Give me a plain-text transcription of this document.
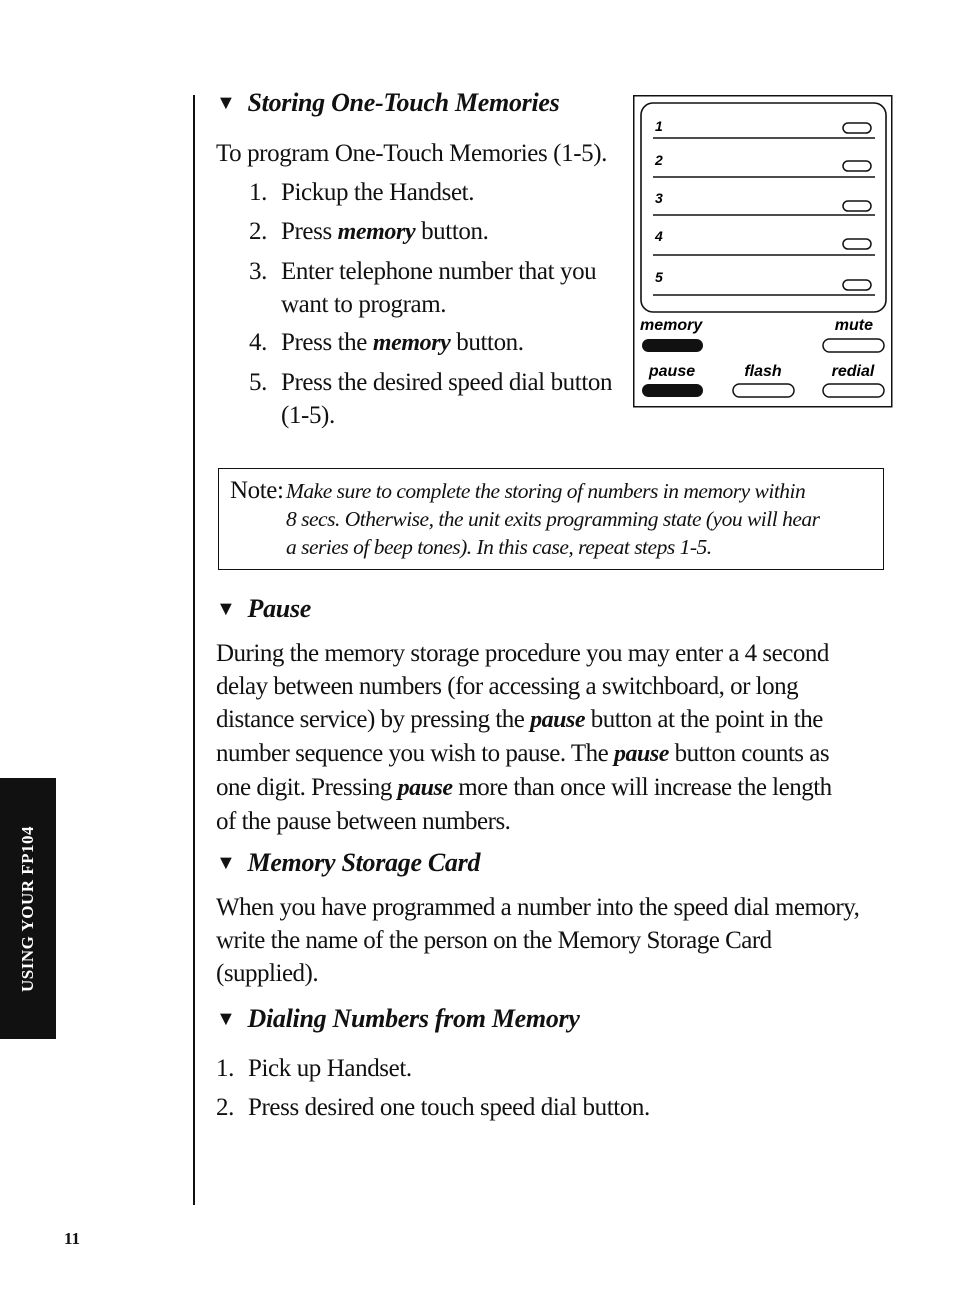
USING YOUR FP104
11
▼ Storing One-Touch Memories
To program One-Touch Memories (1-5).
1. Pickup the Handset.
2. Press memory button.
3. Enter telephone number that you
want to program.
4. Press the memory button.
5. Press the desired speed dial button
(1-5).
1
2
3
4
5
memory	mute
pause	flash	redial
Note: Make sure to complete the storing of numbers in memory within
8 secs. Otherwise, the unit exits programming state (you will hear
a series of beep tones). In this case, repeat steps 1-5.
▼ Pause
During the memory storage procedure you may enter a 4 second
delay between numbers (for accessing a switchboard, or long
distance service) by pressing the pause button at the point in the
number sequence you wish to pause. The pause button counts as
one digit. Pressing pause more than once will increase the length
of the pause between numbers.
▼ Memory Storage Card
When you have programmed a number into the speed dial memory,
write the name of the person on the Memory Storage Card
(supplied).
▼ Dialing Numbers from Memory
1. Pick up Handset.
2. Press desired one touch speed dial button.
